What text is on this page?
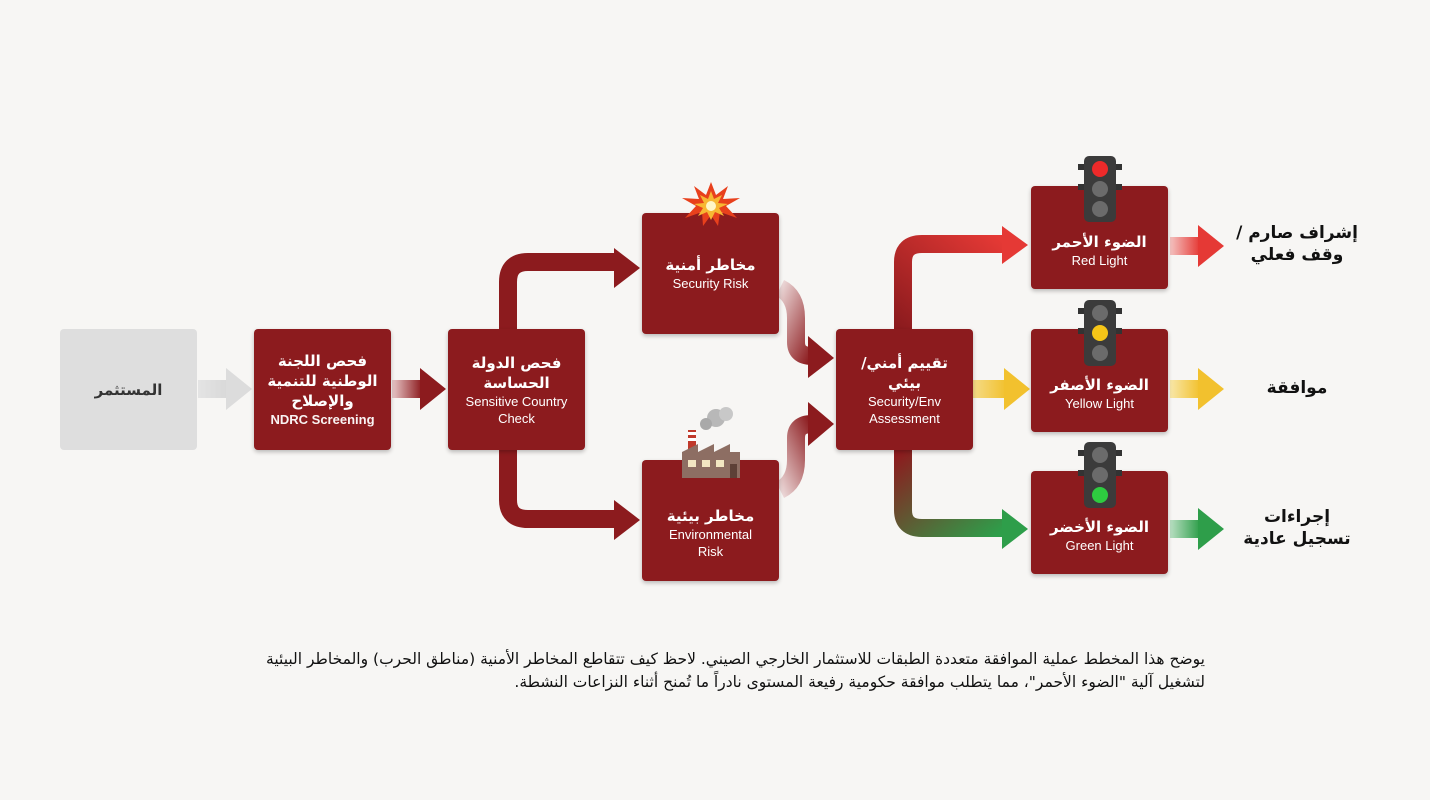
المستثمر
فحص اللجنة الوطنية للتنمية والإصلاح
NDRC Screening
فحص الدولة الحساسة
Sensitive Country Check
مخاطر أمنية
Security Risk
مخاطر بيئية
Environmental Risk
تقييم أمني/بيئي
Security/Env Assessment
الضوء الأحمر
Red Light
الضوء الأصفر
Yellow Light
الضوء الأخضر
Green Light
إشراف صارم / وقف فعلي
موافقة
إجراءات تسجيل عادية
يوضح هذا المخطط عملية الموافقة متعددة الطبقات للاستثمار الخارجي الصيني. لاحظ كيف تتقاطع المخاطر الأمنية (مناطق الحرب) والمخاطر البيئية لتشغيل آلية "الضوء الأحمر"، مما يتطلب موافقة حكومية رفيعة المستوى نادراً ما تُمنح أثناء النزاعات النشطة.
